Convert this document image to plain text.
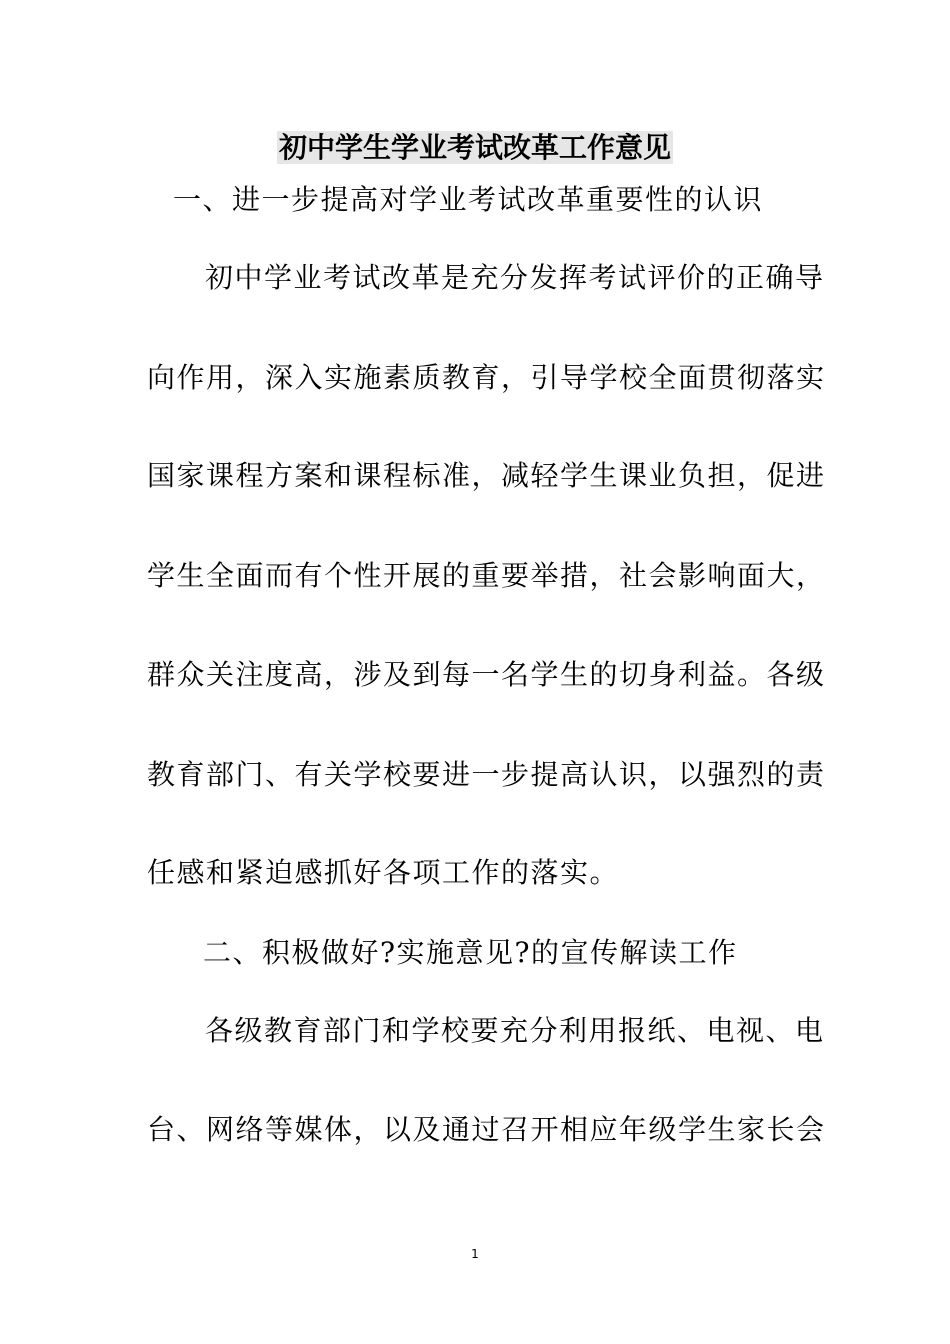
初中学生学业考试改革工作意见

一、进一步提高对学业考试改革重要性的认识

初中学业考试改革是充分发挥考试评价的正确导

向作用，深入实施素质教育，引导学校全面贯彻落实

国家课程方案和课程标准，减轻学生课业负担，促进

学生全面而有个性开展的重要举措，社会影响面大，

群众关注度高，涉及到每一名学生的切身利益。各级

教育部门、有关学校要进一步提高认识，以强烈的责

任感和紧迫感抓好各项工作的落实。

二、积极做好?实施意见?的宣传解读工作

各级教育部门和学校要充分利用报纸、电视、电

台、网络等媒体，以及通过召开相应年级学生家长会

1
